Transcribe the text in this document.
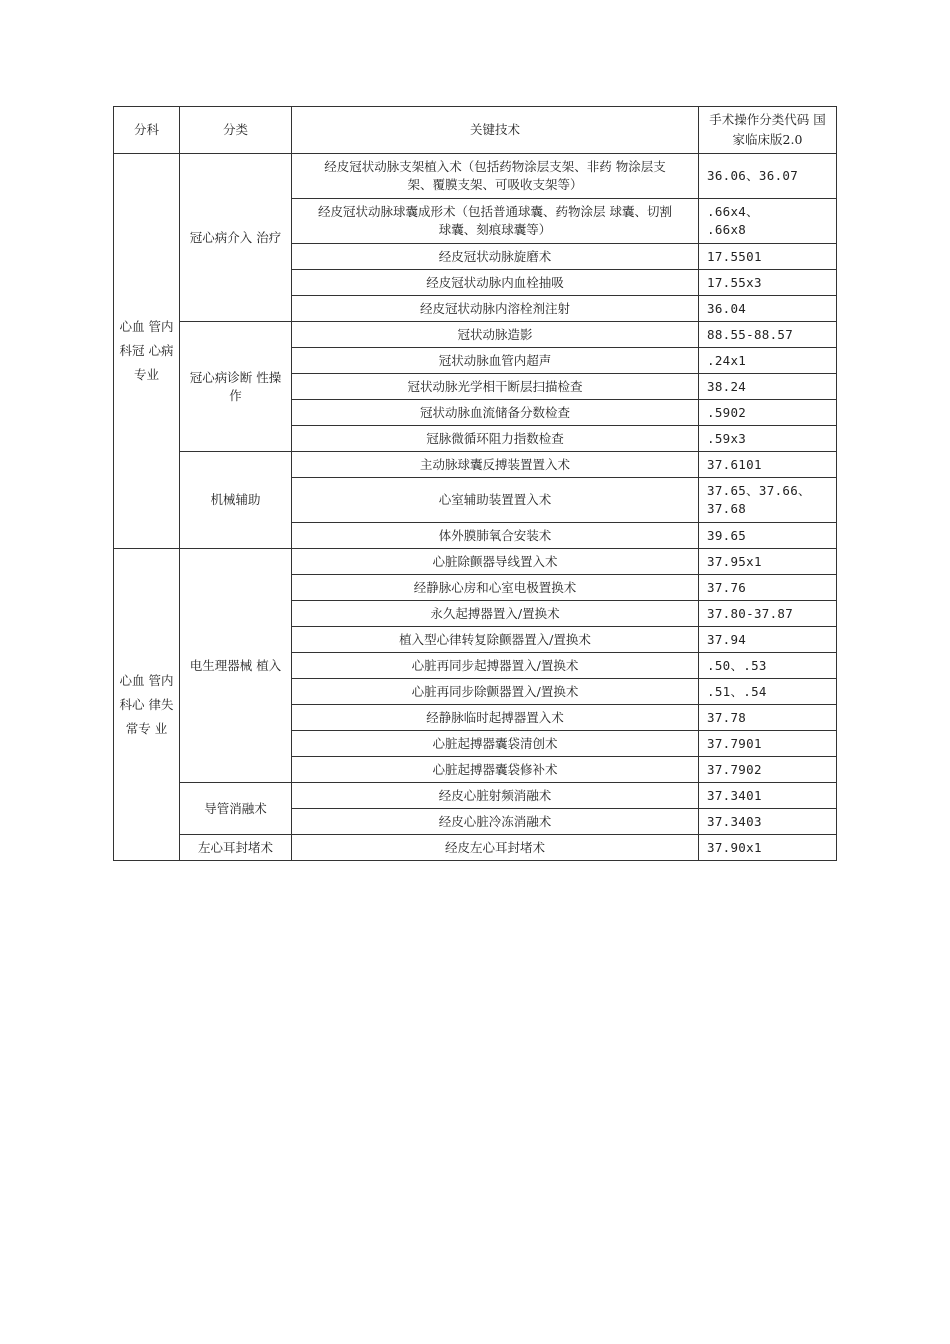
分科	分类	关键技术	手术操作分类代码 国
家临床版2.0
心血 管内
科冠 心病
专业	冠心病介入 治疗	经皮冠状动脉支架植入术（包括药物涂层支架、非药 物涂层支
架、覆膜支架、可吸收支架等）	36.06、36.07
		经皮冠状动脉球囊成形术（包括普通球囊、药物涂层 球囊、切割
球囊、刻痕球囊等）	.66x4、
.66x8
		经皮冠状动脉旋磨术	17.5501
		经皮冠状动脉内血栓抽吸	17.55x3
		经皮冠状动脉内溶栓剂注射	36.04
	冠心病诊断 性操作	冠状动脉造影	88.55-88.57
		冠状动脉血管内超声	.24x1
		冠状动脉光学相干断层扫描检查	38.24
		冠状动脉血流储备分数检查	.5902
		冠脉微循环阻力指数检查	.59x3
	机械辅助	主动脉球囊反搏装置置入术	37.6101
		心室辅助装置置入术	37.65、37.66、
37.68
		体外膜肺氧合安装术	39.65
心血 管内
科心 律失
常专 业	电生理器械 植入	心脏除颤器导线置入术	37.95x1
		经静脉心房和心室电极置换术	37.76
		永久起搏器置入/置换术	37.80-37.87
		植入型心律转复除颤器置入/置换术	37.94
		心脏再同步起搏器置入/置换术	.50、.53
		心脏再同步除颤器置入/置换术	.51、.54
		经静脉临时起搏器置入术	37.78
		心脏起搏器囊袋清创术	37.7901
		心脏起搏器囊袋修补术	37.7902
	导管消融术	经皮心脏射频消融术	37.3401
		经皮心脏冷冻消融术	37.3403
	左心耳封堵术	经皮左心耳封堵术	37.90x1
